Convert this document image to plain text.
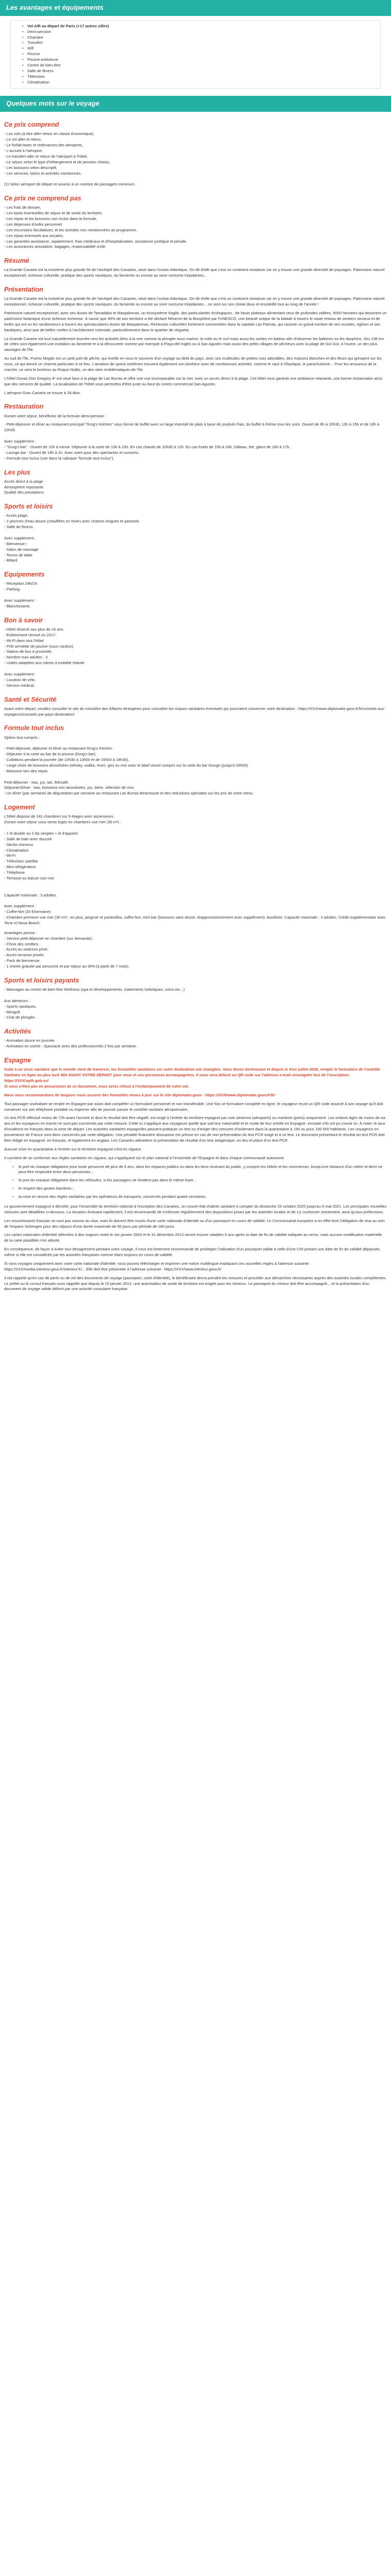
Les avantages et équipements
• Vol A/R au départ de Paris (+17 autres villes)
• Demi-pension
• Chambre
• Transfert
• Wifi
• Piscine
• Piscine extérieure
• Centre de bien-être
• Salle de fitness
• Télévision
• Climatisation
Quelques mots sur le voyage
Ce prix comprend
- Les vols (à titre aller-retour en classe économique),
- Le vol aller et retour,
- Le forfait taxes et redevances des aéroports,
- L'accueil à l'aéroport,
- Le transfert aller et retour de l'aéroport à l'hôtel,
- Le séjour selon le type d'hébergement et de pension choisis,
- Les boissons selon descriptif,
- Les services, loisirs et activités mentionnés.

(1) Selon aéroport de départ et soumis à un nombre de passagers minimum.
Ce prix ne comprend pas
- Les frais de dossier,
- Les taxes éventuelles de séjour et de sortie du territoire,
- Les repas et les boissons non inclus dans la formule,
- Les dépenses d'ordre personnel,
- Les excursions facultatives, et les activités non mentionnées au programme,
- Les repas éventuels aux escales,
- Les garanties assistance, rapatriement, frais médicaux et d'hospitalisation, assistance juridique et pénale,
- Les assurances annulation, bagages, responsabilité civile.
Résumé

La Grande Canarie est la troisième plus grande île de l'archipel des Canaries, situé dans l'océan Atlantique. On dit d'elle que c'est un continent miniature car on y trouve une grande diversité de paysages. Patrimoine naturel exceptionnel, richesse culturelle, pratique des sports nautiques, du farniente ou encore au vivre nocturne trépidantes...

Présentation

La Grande Canarie est la troisième plus grande île de l'archipel des Canaries, situé dans l'océan Atlantique. On dit d'elle que c'est un continent miniature car on y trouve une grande diversité de paysages. Patrimoine naturel exceptionnel, richesse culturelle, pratique des sports nautiques, du farniente ou encore au vivre nocturne trépidantes... ce sont sur son climat doux et ensoleillé tout au long de l'année !

Patrimoine naturel exceptionnel, avec ses dunes de Tamadaba et Maspalomas, un écosystème fragile, des particularités écologiques : de hauts plateaux alimentant ceux de profondes vallées, 6000 hectares qui dessinent un patrimoine botanique d'une richesse immense. À savoir que 46% de son territoire a été déclaré Réserve de la Biosphère par l'UNESCO, une beauté unique de la balade à travers le vaste réseau de sentiers sinueux et de forêts qui ont vu les randonneurs à travers les spectaculaires dunes de Maspalomas. Richesses culturelles fortement concentrées dans la capitale Las Palmas, qui raconte un grand nombre de ses musées, églises et ses basiliques, ainsi que de belles ruelles à l'architecture coloniale, particulièrement dans le quartier de Vegueta.

La Grande Canarie est tout naturellement tournée vers les activités liées à la mer comme la plongée sous-marine, la voile ou le surf mais aussi les sorties en bateau afin d'observer les baleines ou les dauphins. Ses 236 km de côtes sont également une invitation au farniente et à la découverte comme par exemple à Playa del Inglés ou à San Agustín mais aussi des petits villages de pêcheurs avec la plage de Güí Güí, à l'ouest, un des plus sauvages de l'île.

Au sud de l'île, Puerto Mogán est un petit port de pêche, qui éveille en vous le souvenir d'un voyage au-delà du pays, avec ses multitudes de petites rues adorables, des maisons blanches et des fleurs qui grimpent sur les murs, ce qui donne un charme particulier à ce lieu. L'amateur de sports extrêmes trouvera également son bonheur avec de nombreuses activités, comme le saut à l'élastique, le parachutisme... Pour les amoureux de la marche, ce sera le bonheur au Roque Nublo, un des sites emblématiques de l'île.

L'hôtel Dunas Don Gregory 4* est situé face à la plage de Las Burras et offre une vue incomparable sur la mer, avec un accès direct à la plage. Cet hôtel vous garantit une ambiance relaxante, une bonne restauration ainsi que des services de qualité. La localisation de l'hôtel vous permettra d'être juste au bout du centre commercial San Agustín.

L'aéroport Gran Canaria se trouve à 28,4km.

Restauration

Durant votre séjour, bénéficiez de la formule demi-pension :

- Petit-déjeuner et dîner au restaurant principal "Grog's Kitchen" sous forme de buffet avec un large éventail de plats à base de produits frais, du buffet à thème tous les soirs. Ouvert de 8h à 10h30, 13h à 15h et de 18h à 22h30.

Avec supplément :
- "Grog's bar" : Ouvert de 10h à minuit. Déjeuner à la carte de 13h à 15h. En cas chauds de 10h30 à 12h. En cas froids de 15h à 18h. Gâteau, thé, glace de 16h à 17h.
- Lounge bar : Ouvert de 18h à 1h. Avec notre pour des spectacles et concerts.
- Formule tout inclus (voir dans la rubrique "formule tout inclus").
Les plus
Accès direct à la plage
Atmosphère reposante
Qualité des prestations
Sports et loisirs
- Accès plage.
- 2 piscines d'eau douce (chauffées en hiver) avec chaises longues et parasols.
- Salle de fitness.

Avec supplément :
- Bienvenue !
- Salon de massage
- Tennis de table
- Billard
Equipements
- Réception 24h/24.
- Parking.

Avec supplément :
- Blanchisserie.
Bon à savoir
- Hôtel réservé aux plus de 16 ans.
- Entièrement rénové en 2017.
- Wi-Fi dans tout l'hôtel
- Prêt serviette de piscine (sous caution).
- Station de bus à proximité.
- Nombre max adultes : 3
- Unités adaptées aux clients à mobilité réduite

Avec supplément :
- Location de vélo.
- Service médical.
Santé et Sécurité

Avant votre départ, veuillez consulter le site du ministère des Affaires étrangères pour connaître les risques sanitaires éventuels qui pourraient concerner votre destination : https://XXX/www.diplomatie.gouv.fr/fr/conseils-aux-voyageurs/conseils-par-pays-destination/

Formule tout inclus
Option tout compris :

- Petit-déjeuner, déjeuner et dîner au restaurant Grog's Kitchen.
- Déjeuner à la carte au bar de la piscine (Grog's bar).
- Collations pendant la journée (de 10h30 à 13h00 et de 15h00 à 18h30).
- Large choix de boissons alcoolisées (whisky, vodka, rhum, gin) ou non avec le label visuel compris sur la carte du bar lounge (jusqu'à 00h00).
- Boissons lors des repas

Petit-déjeuner : eau, jus, lait, thé/café.
Déjeuner/Dîner : eau, boissons non alcoolisées, jus, bière, sélection de vins.
- Un dîner (par semaine) de dégustation par semaine au restaurant Las Burras Beachouse et des réductions spéciales sur les prix de notre menu.
Logement
L'hôtel dispose de 241 chambres sur 9 étages avec ascenseurs.
Durant votre séjour vous serez logés en chambres vue mer (30 m²) :

- 1 lit double ou 2 lits simples + lit d'appoint
- Salle de bain avec douche
- Sèche-cheveux
- Climatisation
- Wi-Fi
- Télévision satellite
- Mini-réfrigérateur
- Téléphone
- Terrasse ou balcon vue mer

Capacité maximale : 3 adultes.

Avec supplément :
- Coffre-fort (25 €/semaine)
- Chambre premium vue mer (30 m²) : en plus, peignoir et pantoufles, coffre-fort, mini-bar (boissons sans alcool, réapprovisionnement avec supplément), bouilloire. Capacité maximale : 3 adultes. Crédit supplémentaire avec Terre et Nova Beach.
Avantages presse :
- Service petit-déjeuner en chambre (sur demande).
- Choix des oreillers.
- Accès au solarium privé.
- Accès terrasse privée.
- Pack de bienvenue.
- 1 entrée gratuite par personne et par séjour au SPA (à partir de 7 nuits).
Sports et loisirs payants
- Massages au centre de bien-être Wellness (spa et développements, traitements holistiques, soins etc...)

Aux alentours :
- Sports nautiques.
- Minigolf.
- Club de plongée.
Activités
- Animation douce en journée.
- Animation en soirée : Spectacle avec des professionnels 2 fois par semaine.
Espagne

Suite à un virus sanitaire que le monde vient de traverser, les formalités sanitaires sur votre destination ont changées. Vous devez dorénavant et depuis le 01er juillet 2020, remplir le formulaire de Contrôle Sanitaire en ligne au plus tard 48H AVANT VOTRE DÉPART pour vous et vos personnes accompagnées. Il vous sera délivré un QR code sur l'adresse e-mail renseignée lors de l'inscription.
https://XXX/spth.gob.es/
Si vous n'êtes pas en possession de ce document, vous serez refusé à l'embarquement de votre vol.

Nous vous recommandons de toujours vous assurer des formalités mises à jour sur le site diplomatie.gouv : https://XXX/www.diplomatie.gouv.fr/fr/

Tout passager souhaitant se rendre en Espagne par avion doit compléter un formulaire personnel et non transférable. Une fois ce formulaire complété en ligne, le voyageur reçoit un QR code associé à son voyage qu'il doit conserver sur son téléphone portable ou imprimer afin de pouvoir passer le contrôle sanitaire aéroportuaire.

Un test PCR effectué moins de 72h avant l'arrivée et dont le résultat doit être négatif, est exigé à l'entrée du territoire espagnol par voie aérienne (aéroports) ou maritime (ports) uniquement. Les enfants âgés de moins de six ans et les voyageurs en transit ne sont pas concernés par cette mesure. Cette ici s'applique aux voyageurs quelle que soit leur nationalité et le mode de leur entrée en Espagne, excepté s'ils ont pu s'avoir ici. À noter, le taux d'incidence en français dans la zone de départ. Les autorités sanitaires espagnoles peuvent pratiquer un test ou d'exiger des mesures d'isolement dans la quarantaine à 150 ou pour 100 000 habitants. Les voyageurs en provenance de France sont donc concernés par cette obligation. Une pénalité financière dissuasive est prévue en cas de non-présentation du test PCR exigé et à ce test. Le document présentant le résultat du test PCR doit être rédigé en espagnol, en français, et également en anglais. Les Canaries admettent la présentation de résultat d'un test antigénique, en lieu et place d'un test PCR.

Aucune mise en quarantaine à l'entrée sur le territoire espagnol n'est en vigueur.

Il convient de se conformer aux règles sanitaires en vigueur, qui s'appliquent sur le plan national à l'ensemble de l'Espagne et dans chaque communauté autonome.

• le port du masque obligatoire pour toute personne de plus de 6 ans, dans les espaces publics ou dans les lieux recevant du public, y compris les hôtels et les commerces, lorsqu'une distance d'un mètre et demi ne peut être respectée entre deux personnes ;
• le port du masque obligatoire dans les véhicules, si les passagers ne résident pas dans le même foyer ;
• le respect des gestes barrières ;
• la mise en œuvre des règles sanitaires par les opérateurs de transports, conservés pendant quatre semaines.

Le gouvernement espagnol a décrété, pour l'ensemble du territoire national à l'exception des Canaries, un nouvel état d'alerte sanitaire à compter du dimanche 25 octobre 2020 jusqu'au 9 mai 2021. Les principales nouvelles mesures sont détaillées ci-dessous. La situation évoluant rapidement, il est recommandé de s'informer régulièrement des dispositions prises par les autorités locales et de s'y conformer strictement, ainsi qu'aux préfectures.

Les ressortissants français ne sont pas soumis au visa, mais ils doivent être munis d'une carte nationale d'identité ou d'un passeport en cours de validité. Le Commissariat européen a en effet levé l'obligation de visa au sein de l'espace Schengen pour des séjours d'une durée maximale de 90 jours par période de 180 jours.

Les cartes nationales d'identité délivrées à des majeurs entre le 1er janvier 2004 et le 31 décembre 2013 seront encore valables 5 ans après la date de fin de validité indiquée au verso, mais aucune modification matérielle de la carte plastifiée n'en atteste.

En conséquence, de façon à éviter tout désagrément pendant votre voyage, il vous est fortement recommandé de privilégier l'utilisation d'un passeport valide à celle d'une CNI portant une date de fin de validité dépassée, même si elle est considérée par les autorités françaises comme étant toujours en cours de validité.

Si vous voyagez uniquement avec votre carte nationale d'identité, vous pouvez télécharger et imprimer une notice multilingue expliquant ces nouvelles règles à l'adresse suivante : https://XXX/media.interieur.gouv.fr/interieur.fr/... Elle doit être présentée à l'adresse suivante : https://XXX/www.interieur.gouv.fr/

Il est rappelé qu'en cas de perte ou de vol des documents de voyage (passeport, carte d'identité), le bénéficiaire devra prendre les mesures et procéder aux démarches nécessaires auprès des autorités locales compétentes. Le préfet ou le consul français vous rappelle que depuis le 15 janvier 2013, une autorisation de sortie de territoire est exigée pour les mineurs. Le passeport du mineur doit être accompagné... et la présentation d'un document de voyage valide délivré par une autorité consulaire française.
